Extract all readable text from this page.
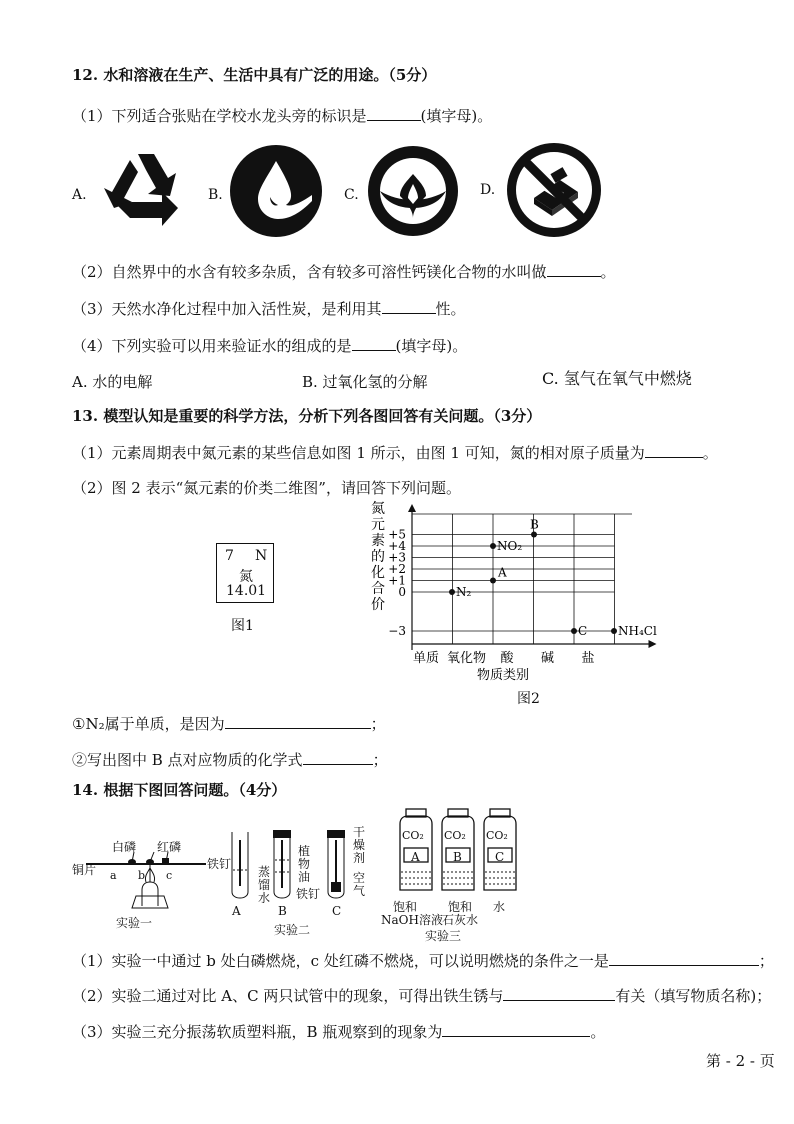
12. 水和溶液在生产、生活中具有广泛的用途。（5分）
（1）下列适合张贴在学校水龙头旁的标识是	(填字母)。
A.	B.	C.	D.
（2）自然界中的水含有较多杂质，含有较多可溶性钙镁化合物的水叫做	。
（3）天然水净化过程中加入活性炭，是利用其	性。
（4）下列实验可以用来验证水的组成的是	(填字母)。
A. 水的电解	B. 过氧化氢的分解	C. 氢气在氧气中燃烧
13. 模型认知是重要的科学方法，分析下列各图回答有关问题。（3分）
（1）元素周期表中氮元素的某些信息如图 1 所示，由图 1 可知，氮的相对原子质量为	。
（2）图 2 表示“氮元素的价类二维图”，请回答下列问题。
7 N
氮
14.01
图1
氮
元
素
的
化
合
价
+5
+4
+3
+2
+1
0
−3
单质 氧化物 酸 碱 盐
物质类别
N₂
A
NO₂
B
C	NH₄Cl
图2
①N₂属于单质，是因为	；
②写出图中 B 点对应物质的化学式	；
14. 根据下图回答问题。（4分）
白磷 红磷
铜片 a b c
实验一
铁钉
蒸馏水
植物油
铁钉
干燥剂
空气
A	B	C
实验二
CO₂ CO₂ CO₂
A	B	C
饱和
NaOH溶液
饱和
石灰水
水
实验三
（1）实验一中通过 b 处白磷燃烧，c 处红磷不燃烧，可以说明燃烧的条件之一是	；
（2）实验二通过对比 A、C 两只试管中的现象，可得出铁生锈与	有关（填写物质名称)；
（3）实验三充分振荡软质塑料瓶，B 瓶观察到的现象为	。
第 - 2 - 页
